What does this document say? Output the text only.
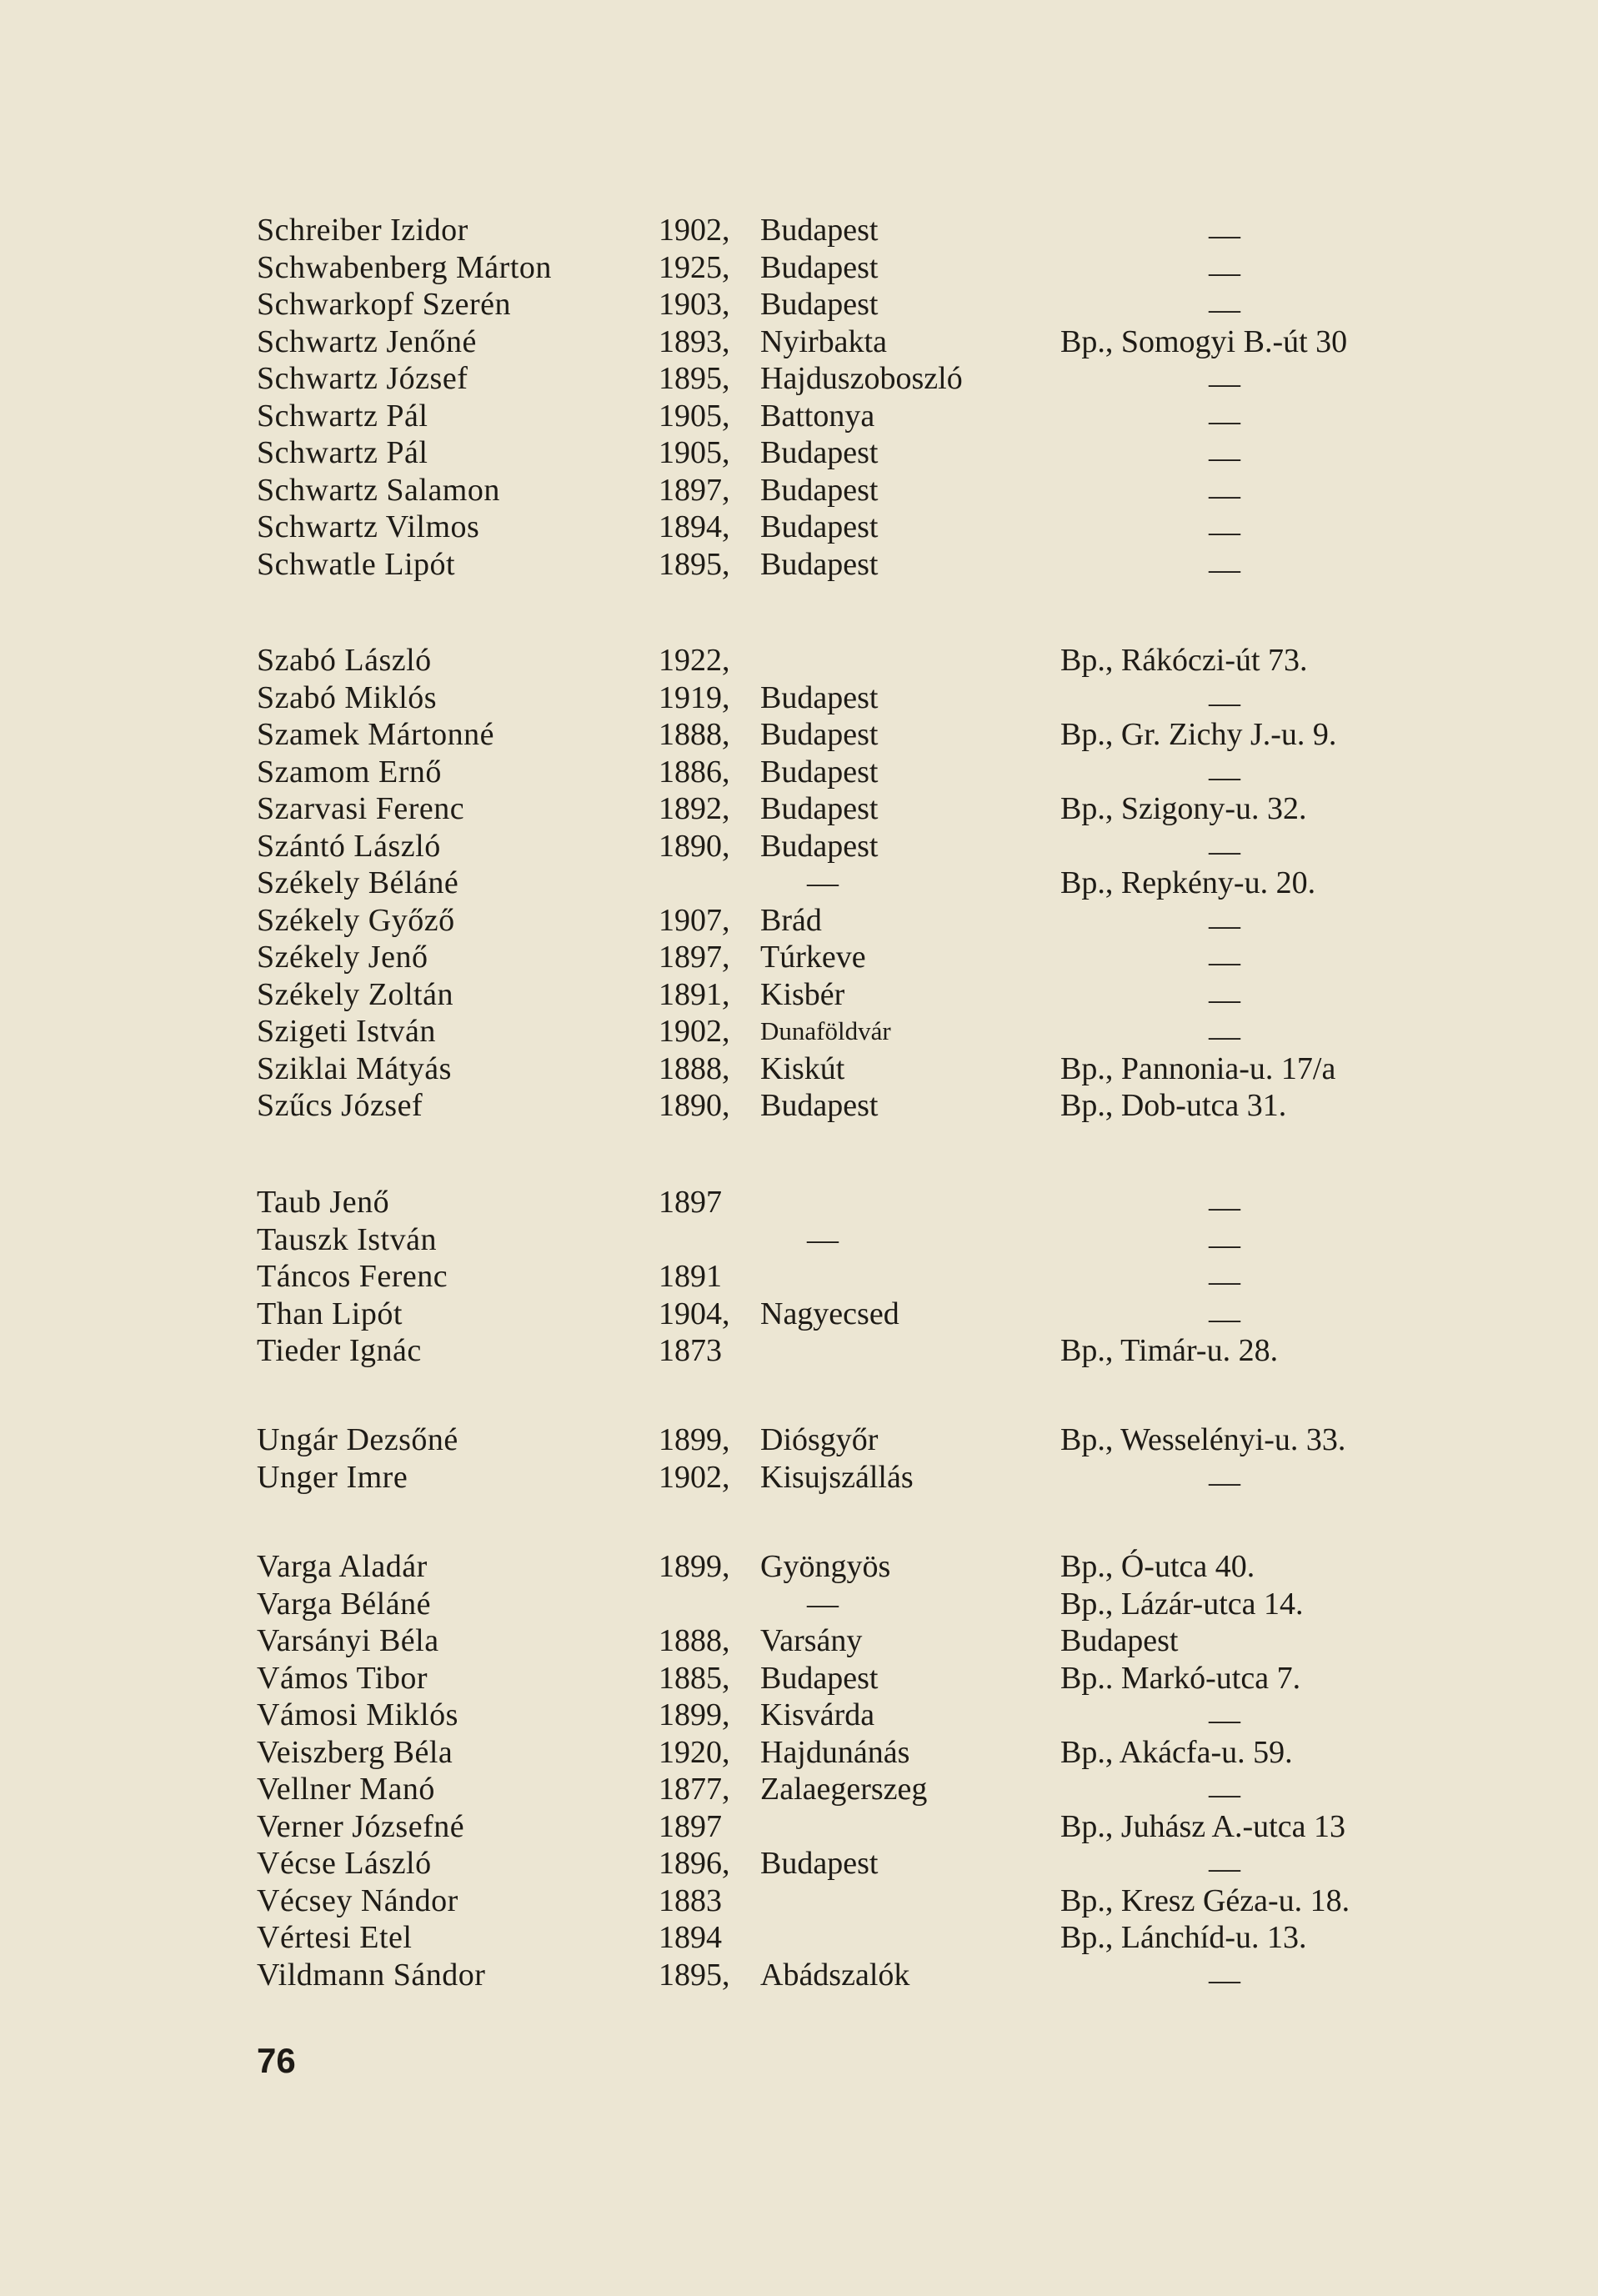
Schreiber Izidor	1902, Budapest	—
Schwabenberg Márton	1925, Budapest	—
Schwarkopf Szerén	1903, Budapest	—
Schwartz Jenőné	1893, Nyirbakta	Bp., Somogyi B.-út 30
Schwartz József	1895, Hajduszoboszló	—
Schwartz Pál	1905, Battonya	—
Schwartz Pál	1905, Budapest	—
Schwartz Salamon	1897, Budapest	—
Schwartz Vilmos	1894, Budapest	—
Schwatle Lipót	1895, Budapest	—
Szabó László	1922,	Bp., Rákóczi-út 73.
Szabó Miklós	1919, Budapest	—
Szamek Mártonné	1888, Budapest	Bp., Gr. Zichy J.-u. 9.
Szamom Ernő	1886, Budapest	—
Szarvasi Ferenc	1892, Budapest	Bp., Szigony-u. 32.
Szántó László	1890, Budapest	—
Székely Béláné	—	Bp., Repkény-u. 20.
Székely Győző	1907, Brád	—
Székely Jenő	1897, Túrkeve	—
Székely Zoltán	1891, Kisbér	—
Szigeti István	1902, Dunaföldvár	—
Sziklai Mátyás	1888, Kiskút	Bp., Pannonia-u. 17/a
Szűcs József	1890, Budapest	Bp., Dob-utca 31.
Taub Jenő	1897	—
Tauszk István	—	—
Táncos Ferenc	1891	—
Than Lipót	1904, Nagyecsed	—
Tieder Ignác	1873	Bp., Timár-u. 28.
Ungár Dezsőné	1899, Diósgyőr	Bp., Wesselényi-u. 33.
Unger Imre	1902, Kisujszállás	—
Varga Aladár	1899, Gyöngyös	Bp., Ó-utca 40.
Varga Béláné	—	Bp., Lázár-utca 14.
Varsányi Béla	1888, Varsány	Budapest
Vámos Tibor	1885, Budapest	Bp.. Markó-utca 7.
Vámosi Miklós	1899, Kisvárda	—
Veiszberg Béla	1920, Hajdunánás	Bp., Akácfa-u. 59.
Vellner Manó	1877, Zalaegerszeg	—
Verner Józsefné	1897	Bp., Juhász A.-utca 13
Vécse László	1896, Budapest	—
Vécsey Nándor	1883	Bp., Kresz Géza-u. 18.
Vértesi Etel	1894	Bp., Lánchíd-u. 13.
Vildmann Sándor	1895, Abádszalók	—
76
